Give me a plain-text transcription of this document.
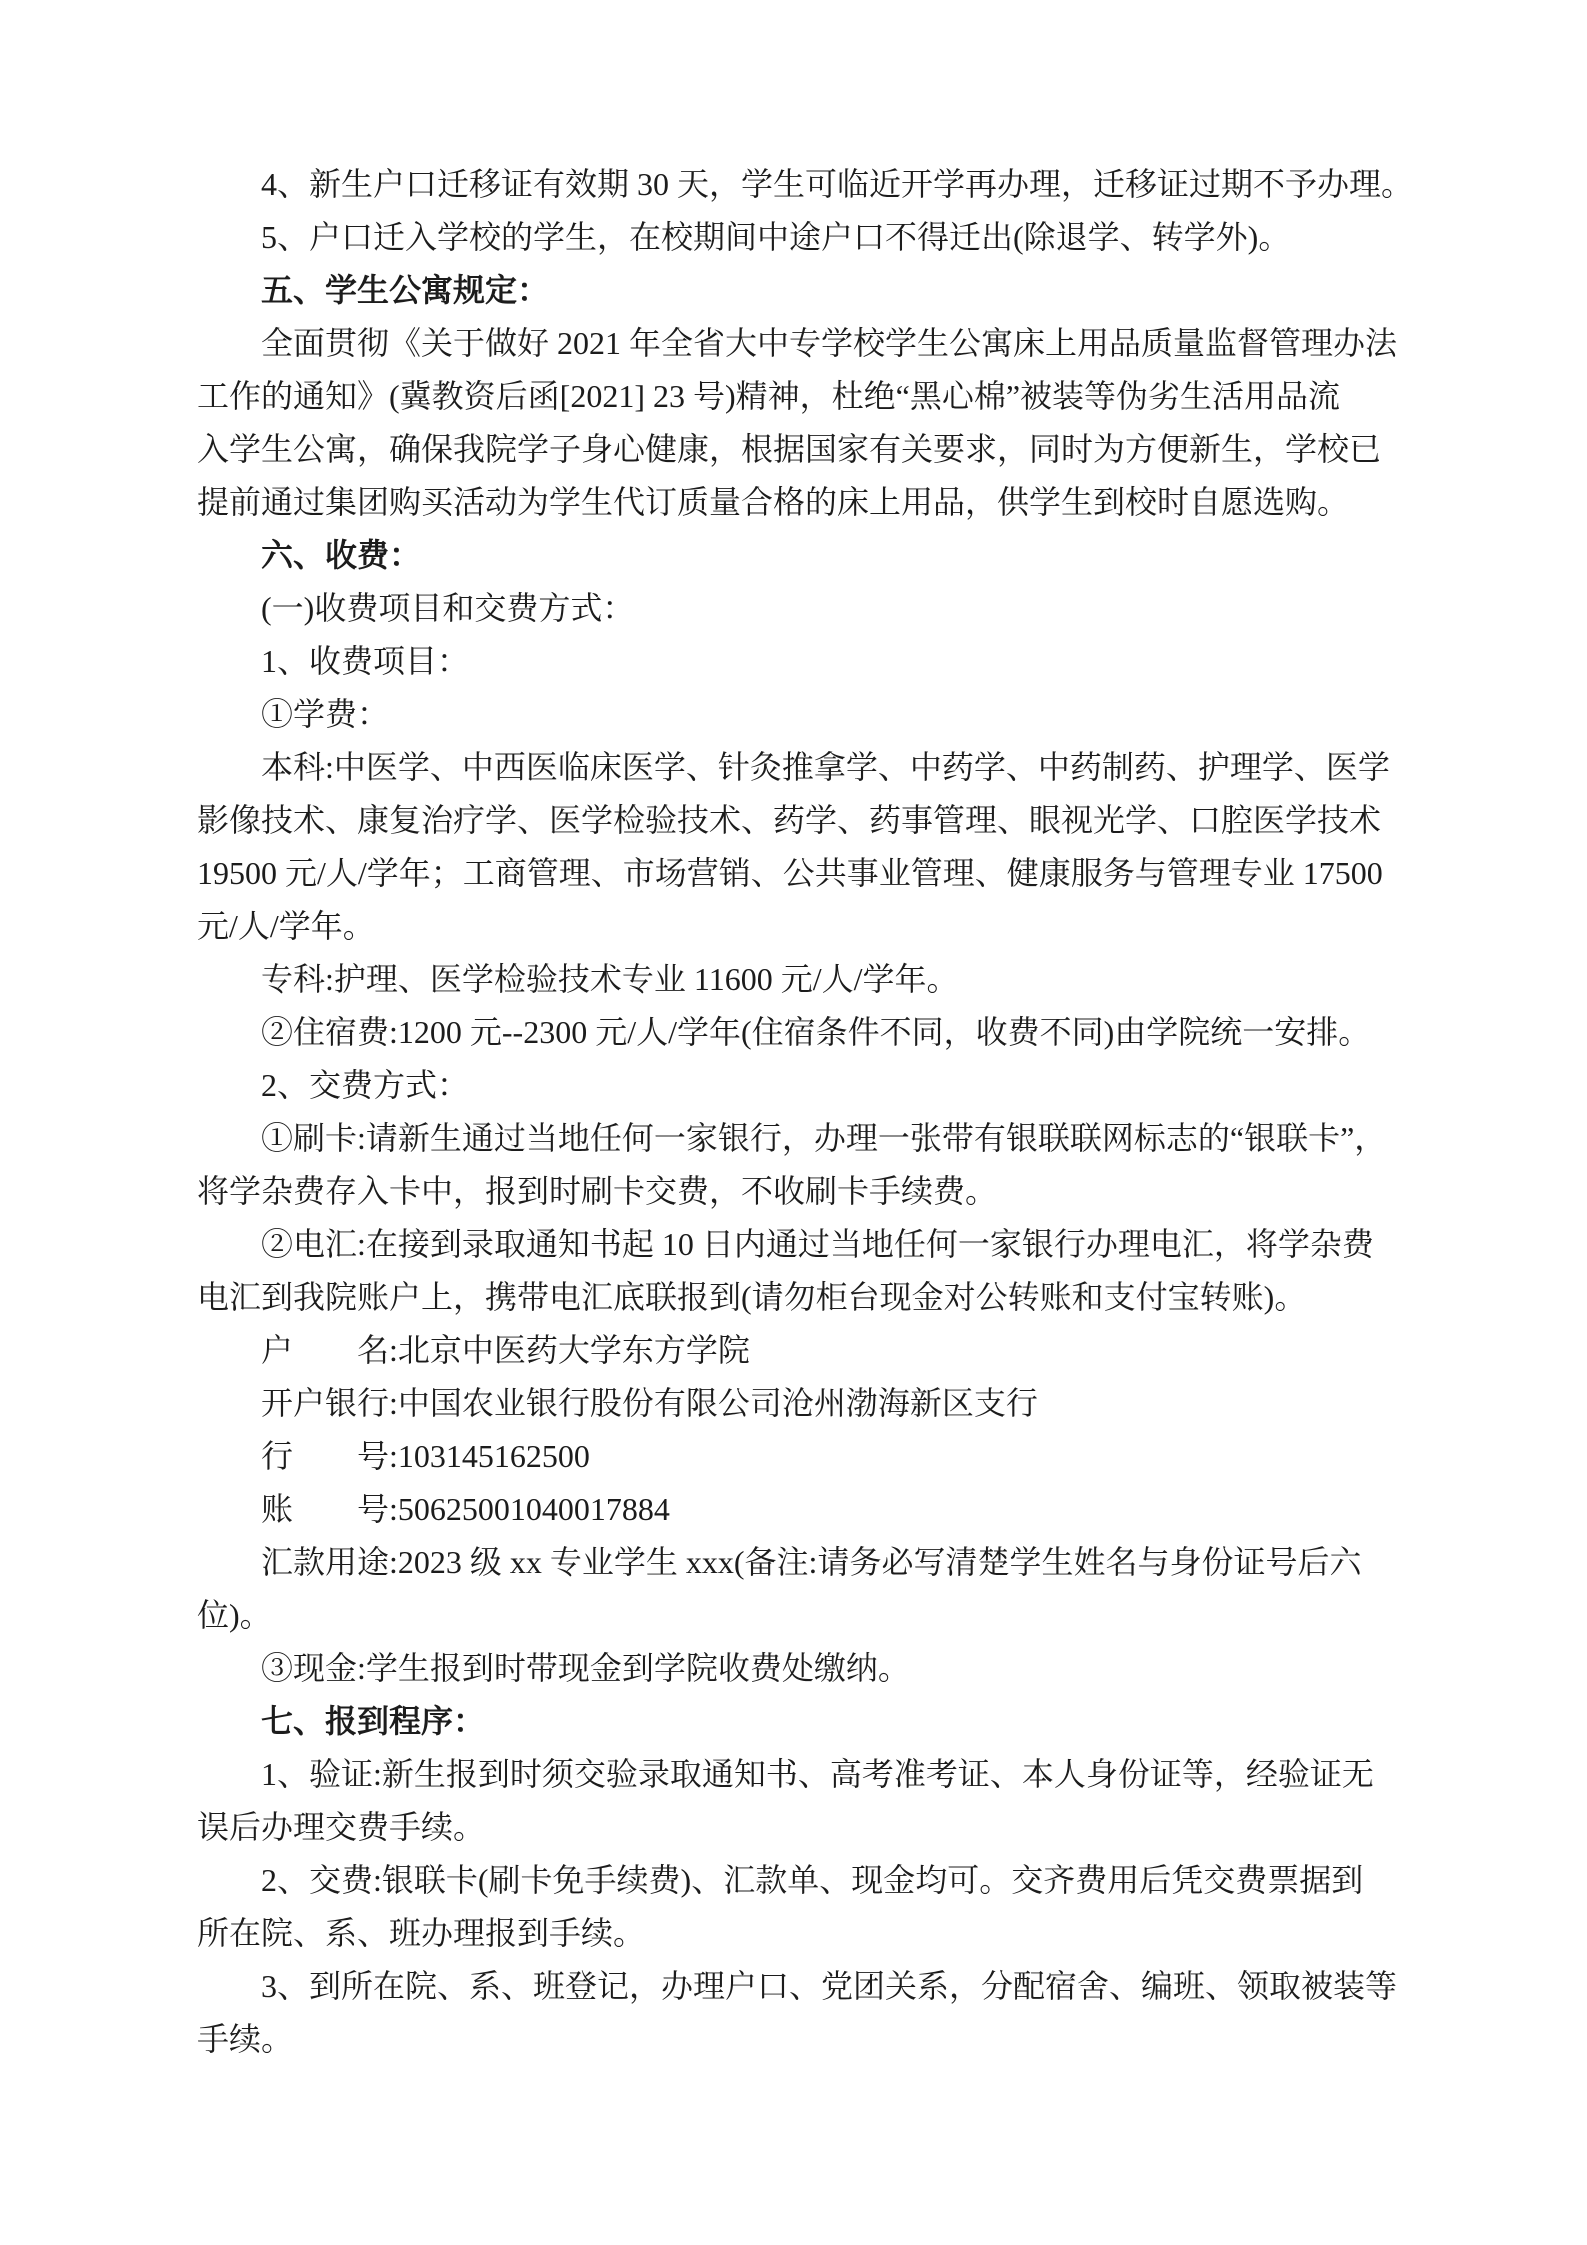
4、新生户口迁移证有效期 30 天，学生可临近开学再办理，迁移证过期不予办理。
5、户口迁入学校的学生，在校期间中途户口不得迁出(除退学、转学外)。
五、学生公寓规定：
全面贯彻《关于做好 2021 年全省大中专学校学生公寓床上用品质量监督管理办法
工作的通知》(冀教资后函[2021] 23 号)精神，杜绝“黑心棉”被装等伪劣生活用品流
入学生公寓，确保我院学子身心健康，根据国家有关要求，同时为方便新生，学校已
提前通过集团购买活动为学生代订质量合格的床上用品，供学生到校时自愿选购。
六、收费：
(一)收费项目和交费方式：
1、收费项目：
①学费：
本科:中医学、中西医临床医学、针灸推拿学、中药学、中药制药、护理学、医学
影像技术、康复治疗学、医学检验技术、药学、药事管理、眼视光学、口腔医学技术
19500 元/人/学年；工商管理、市场营销、公共事业管理、健康服务与管理专业 17500
元/人/学年。
专科:护理、医学检验技术专业 11600 元/人/学年。
②住宿费:1200 元--2300 元/人/学年(住宿条件不同，收费不同)由学院统一安排。
2、交费方式：
①刷卡:请新生通过当地任何一家银行，办理一张带有银联联网标志的“银联卡”，
将学杂费存入卡中，报到时刷卡交费，不收刷卡手续费。
②电汇:在接到录取通知书起 10 日内通过当地任何一家银行办理电汇，将学杂费
电汇到我院账户上，携带电汇底联报到(请勿柜台现金对公转账和支付宝转账)。
户　　名:北京中医药大学东方学院
开户银行:中国农业银行股份有限公司沧州渤海新区支行
行　　号:103145162500
账　　号:50625001040017884
汇款用途:2023 级 xx 专业学生 xxx(备注:请务必写清楚学生姓名与身份证号后六
位)。
③现金:学生报到时带现金到学院收费处缴纳。
七、报到程序：
1、验证:新生报到时须交验录取通知书、高考准考证、本人身份证等，经验证无
误后办理交费手续。
2、交费:银联卡(刷卡免手续费)、汇款单、现金均可。交齐费用后凭交费票据到
所在院、系、班办理报到手续。
3、到所在院、系、班登记，办理户口、党团关系，分配宿舍、编班、领取被装等
手续。
